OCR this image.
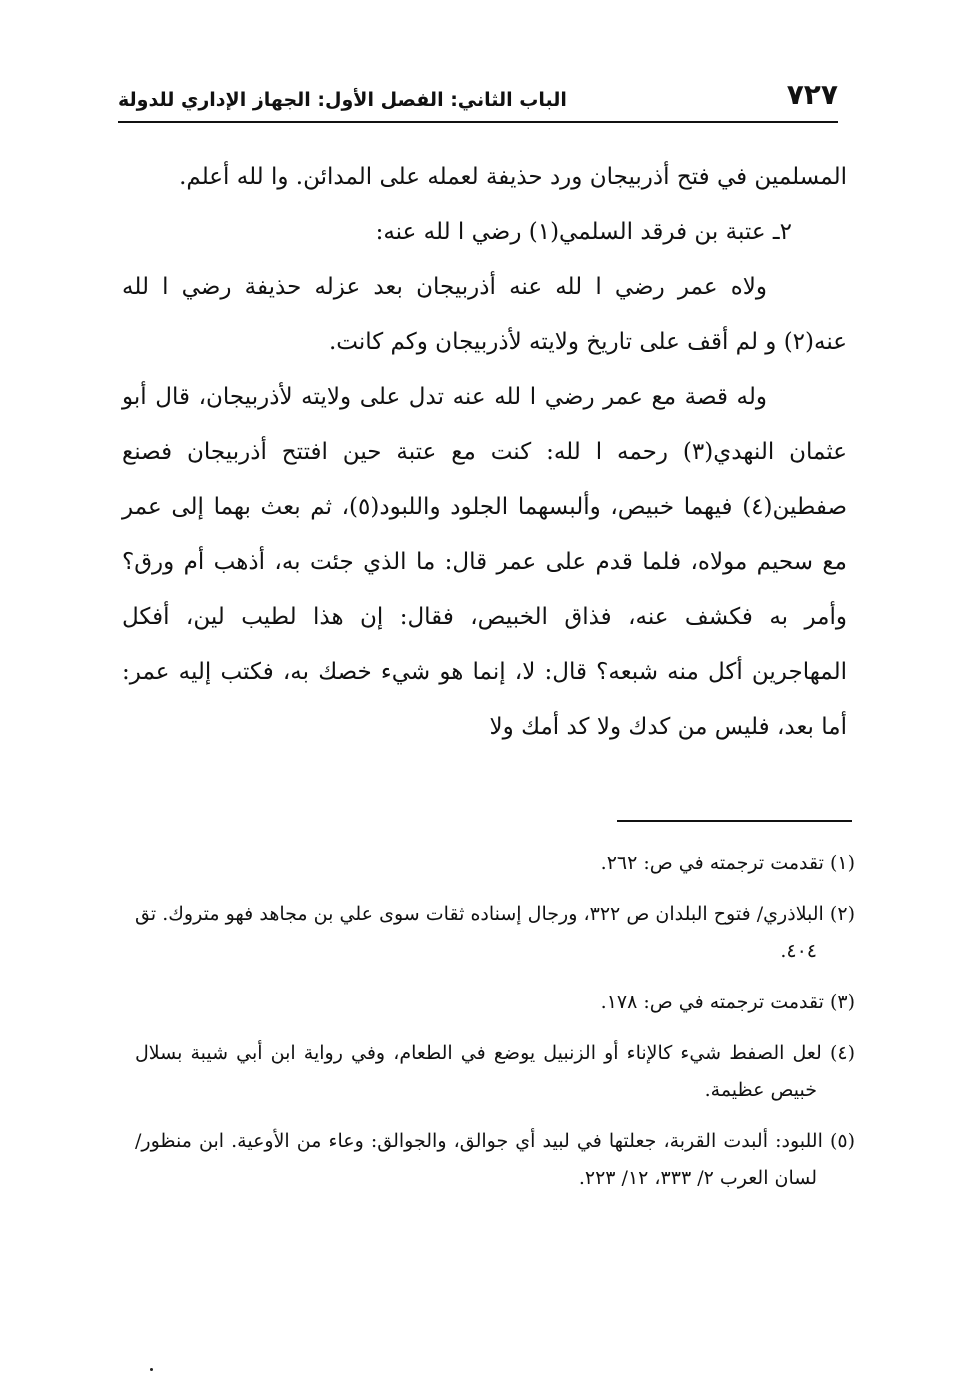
٧٢٧
الباب الثاني: الفصل الأول: الجهاز الإداري للدولة

المسلمين في فتح أذربيجان ورد حذيفة لعمله على المدائن. وا لله أعلم.

٢ـ عتبة بن فرقد السلمي(١) رضي ا لله عنه:

ولاه عمر رضي ا لله عنه أذربيجان بعد عزله حذيفة رضي ا لله عنه(٢) و لم أقف على تاريخ ولايته لأذربيجان وكم كانت.

وله قصة مع عمر رضي ا لله عنه تدل على ولايته لأذربيجان، قال أبو عثمان النهدي(٣) رحمه ا لله: كنت مع عتبة حين افتتح أذربيجان فصنع صفطين(٤) فيهما خبيص، وألبسهما الجلود واللبود(٥)، ثم بعث بهما إلى عمر مع سحيم مولاه، فلما قدم على عمر قال: ما الذي جئت به، أذهب أم ورق؟ وأمر به فكشف عنه، فذاق الخبيص، فقال: إن هذا لطيب لين، أفكل المهاجرين أكل منه شبعه؟ قال: لا، إنما هو شيء خصك به، فكتب إليه عمر: أما بعد، فليس من كدك ولا كد أمك ولا

(١) تقدمت ترجمته في ص: ٢٦٢.

(٢) البلاذري/ فتوح البلدان ص ٣٢٢، ورجال إسناده ثقات سوى علي بن مجاهد فهو متروك. تق ٤٠٤.

(٣) تقدمت ترجمته في ص: ١٧٨.

(٤) لعل الصفط شيء كالإناء أو الزنبيل يوضع في الطعام، وفي رواية ابن أبي شيبة بسلال خبيص عظيمة.

(٥) اللبود: ألبدت القربة، جعلتها في لبيد أي جوالق، والجوالق: وعاء من الأوعية. ابن منظور/ لسان العرب ٢/ ٣٣٣، ١٢/ ٢٢٣.
